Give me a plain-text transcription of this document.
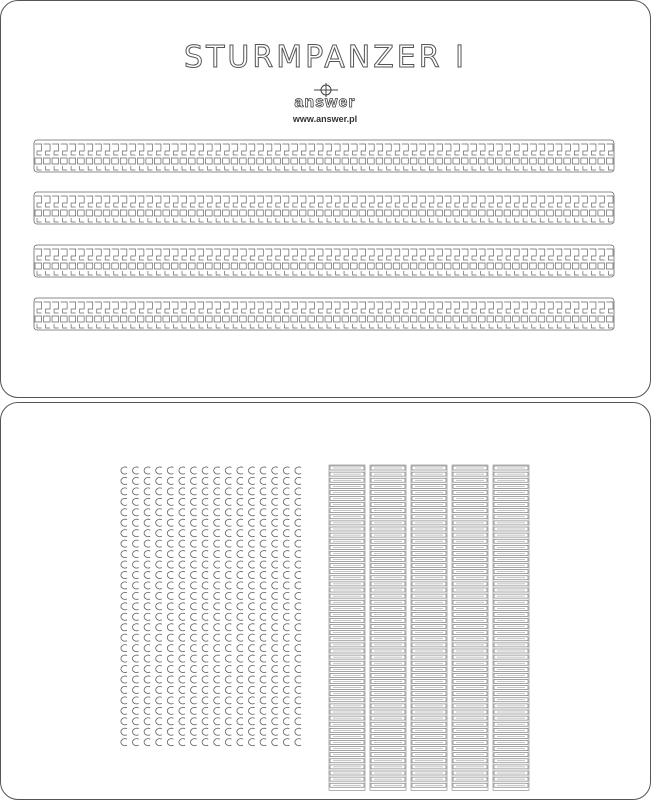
STURMPANZER I
answer
www.answer.pl
